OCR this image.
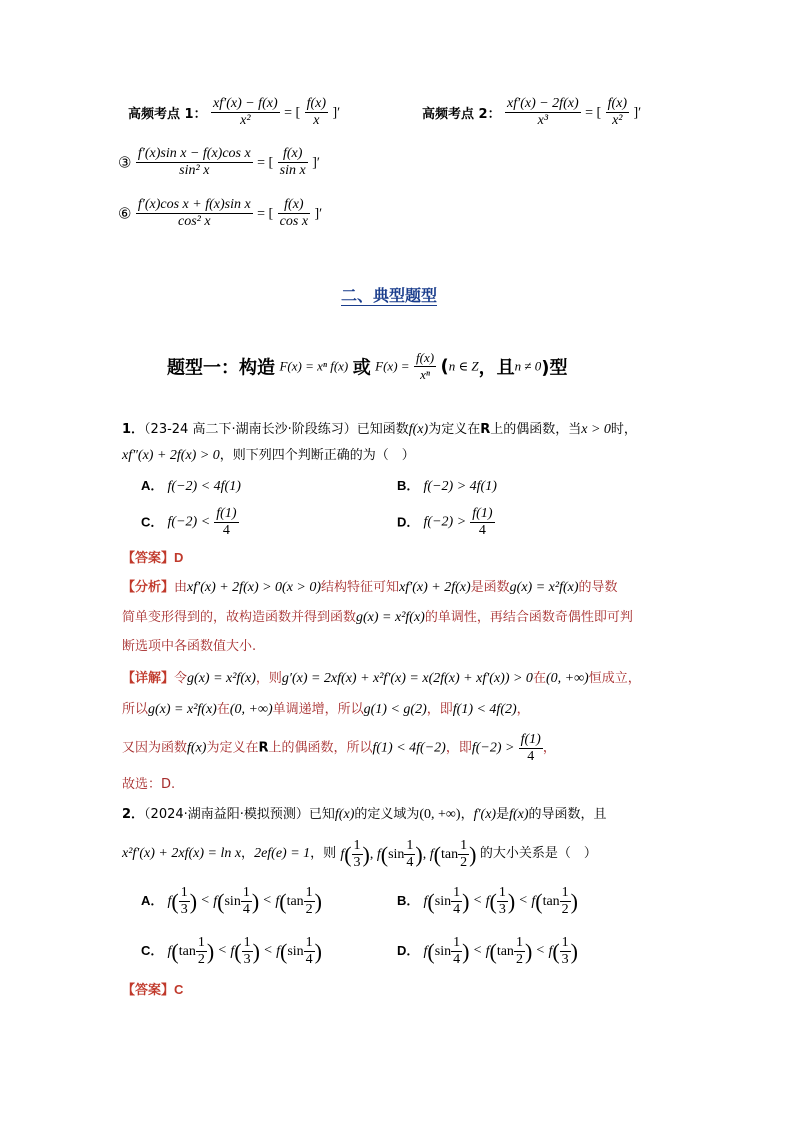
高频考点 1： $\frac{xf'(x) - f(x)}{\text{x²}}$ = [ $\frac{f(x)}{x}$ ]′	高频考点 2： $\frac{xf'(x) - 2f(x)}{\text{x³}}$ = [ $\frac{f(x)}{\text{x²}}$ ]′
③ $\frac{\text{f′(x)sin x − f(x)cos x}}{\text{sin² x}}$ = [ $\frac{f(x)}{\text{sin x}}$ ]′
⑥ $\frac{\text{f′(x)cos x + f(x)sin x}}{\text{cos² x}}$ = [ $\frac{f(x)}{\text{cos x}}$ ]′
二、典型题型
题型一：构造 F(x) = xⁿ f(x) 或 $F(x) = \frac{f(x)}{\text{xⁿ}} (n$ ∈ Z，且n ≠ 0)型
1．（23-24 高二下·湖南长沙·阶段练习）已知函数f(x)为定义在R上的偶函数，当x > 0时，
xf″(x) + 2f(x) > 0，则下列四个判断正确的为（　）
A． f(−2) < 4f(1)	B． f(−2) > 4f(1)
C． $f(-2) < \frac{f(1)}{4}$	D． $f(-2) > \frac{f(1)}{4}$
【答案】D
【分析】由xf′(x) + 2f(x) > 0(x > 0)结构特征可知xf′(x) + 2f(x)是函数g(x) = x²f(x)的导数
简单变形得到的，故构造函数并得到函数g(x) = x²f(x)的单调性，再结合函数奇偶性即可判
断选项中各函数值大小.
【详解】令g(x) = x²f(x)，则g′(x) = 2xf(x) + x²f′(x) = x(2f(x) + xf′(x)) > 0在(0, +∞)恒成立，
所以g(x) = x²f(x)在(0, +∞)单调递增，所以g(1) < g(2)，即f(1) < 4f(2)，
又因为函数f(x)为定义在R上的偶函数，所以f(1) < 4f(−2)，即$f(-2) > \frac{f(1)}{4}$ ，
故选：D.
2．（2024·湖南益阳·模拟预测）已知f(x)的定义域为(0, +∞)，f′(x)是f(x)的导函数，且
x²f′(x) + 2xf(x) = ln x，2ef(e) = 1，则 $f( \frac{1}{3}$ ), $f(\sin \frac{1}{4}$ ), $f(\tan \frac{1}{2}$ ) 的大小关系是（　）
A． $f( \frac{1}{3}$ ) < $f(\sin \frac{1}{4}$ ) < $f(\tan \frac{1}{2}$ )	B． $f(\sin \frac{1}{4}$ ) < $f( \frac{1}{3}$ ) < $f(\tan \frac{1}{2}$ )
C． $f(\tan \frac{1}{2}$ ) < $f( \frac{1}{3}$ ) < $f(\sin \frac{1}{4}$ )	D． $f(\sin \frac{1}{4}$ ) < $f(\tan \frac{1}{2}$ ) < $f( \frac{1}{3}$ )
【答案】C
